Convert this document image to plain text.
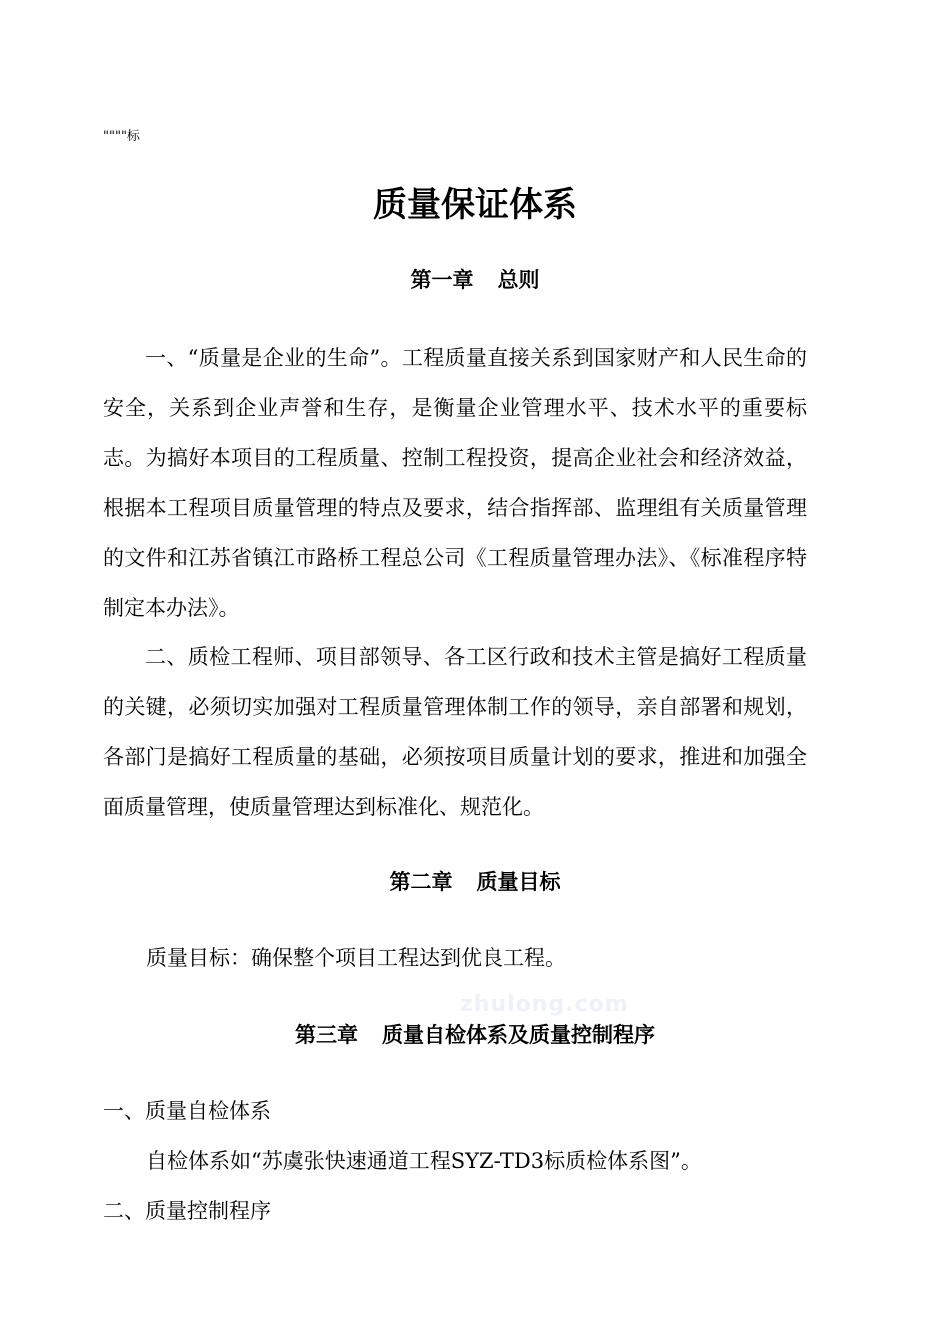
""""标
质量保证体系
第一章 总则
一、“质量是企业的生命”。工程质量直接关系到国家财产和人民生命的安全，关系到企业声誉和生存，是衡量企业管理水平、技术水平的重要标志。为搞好本项目的工程质量、控制工程投资，提高企业社会和经济效益，根据本工程项目质量管理的特点及要求，结合指挥部、监理组有关质量管理的文件和江苏省镇江市路桥工程总公司《工程质量管理办法》、《标准程序特制定本办法》。
二、质检工程师、项目部领导、各工区行政和技术主管是搞好工程质量的关键，必须切实加强对工程质量管理体制工作的领导，亲自部署和规划，各部门是搞好工程质量的基础，必须按项目质量计划的要求，推进和加强全面质量管理，使质量管理达到标准化、规范化。
第二章 质量目标
质量目标：确保整个项目工程达到优良工程。
zhulong.com
第三章 质量自检体系及质量控制程序
一、质量自检体系
自检体系如“苏虞张快速通道工程SYZ-TD3标质检体系图”。
二、质量控制程序
